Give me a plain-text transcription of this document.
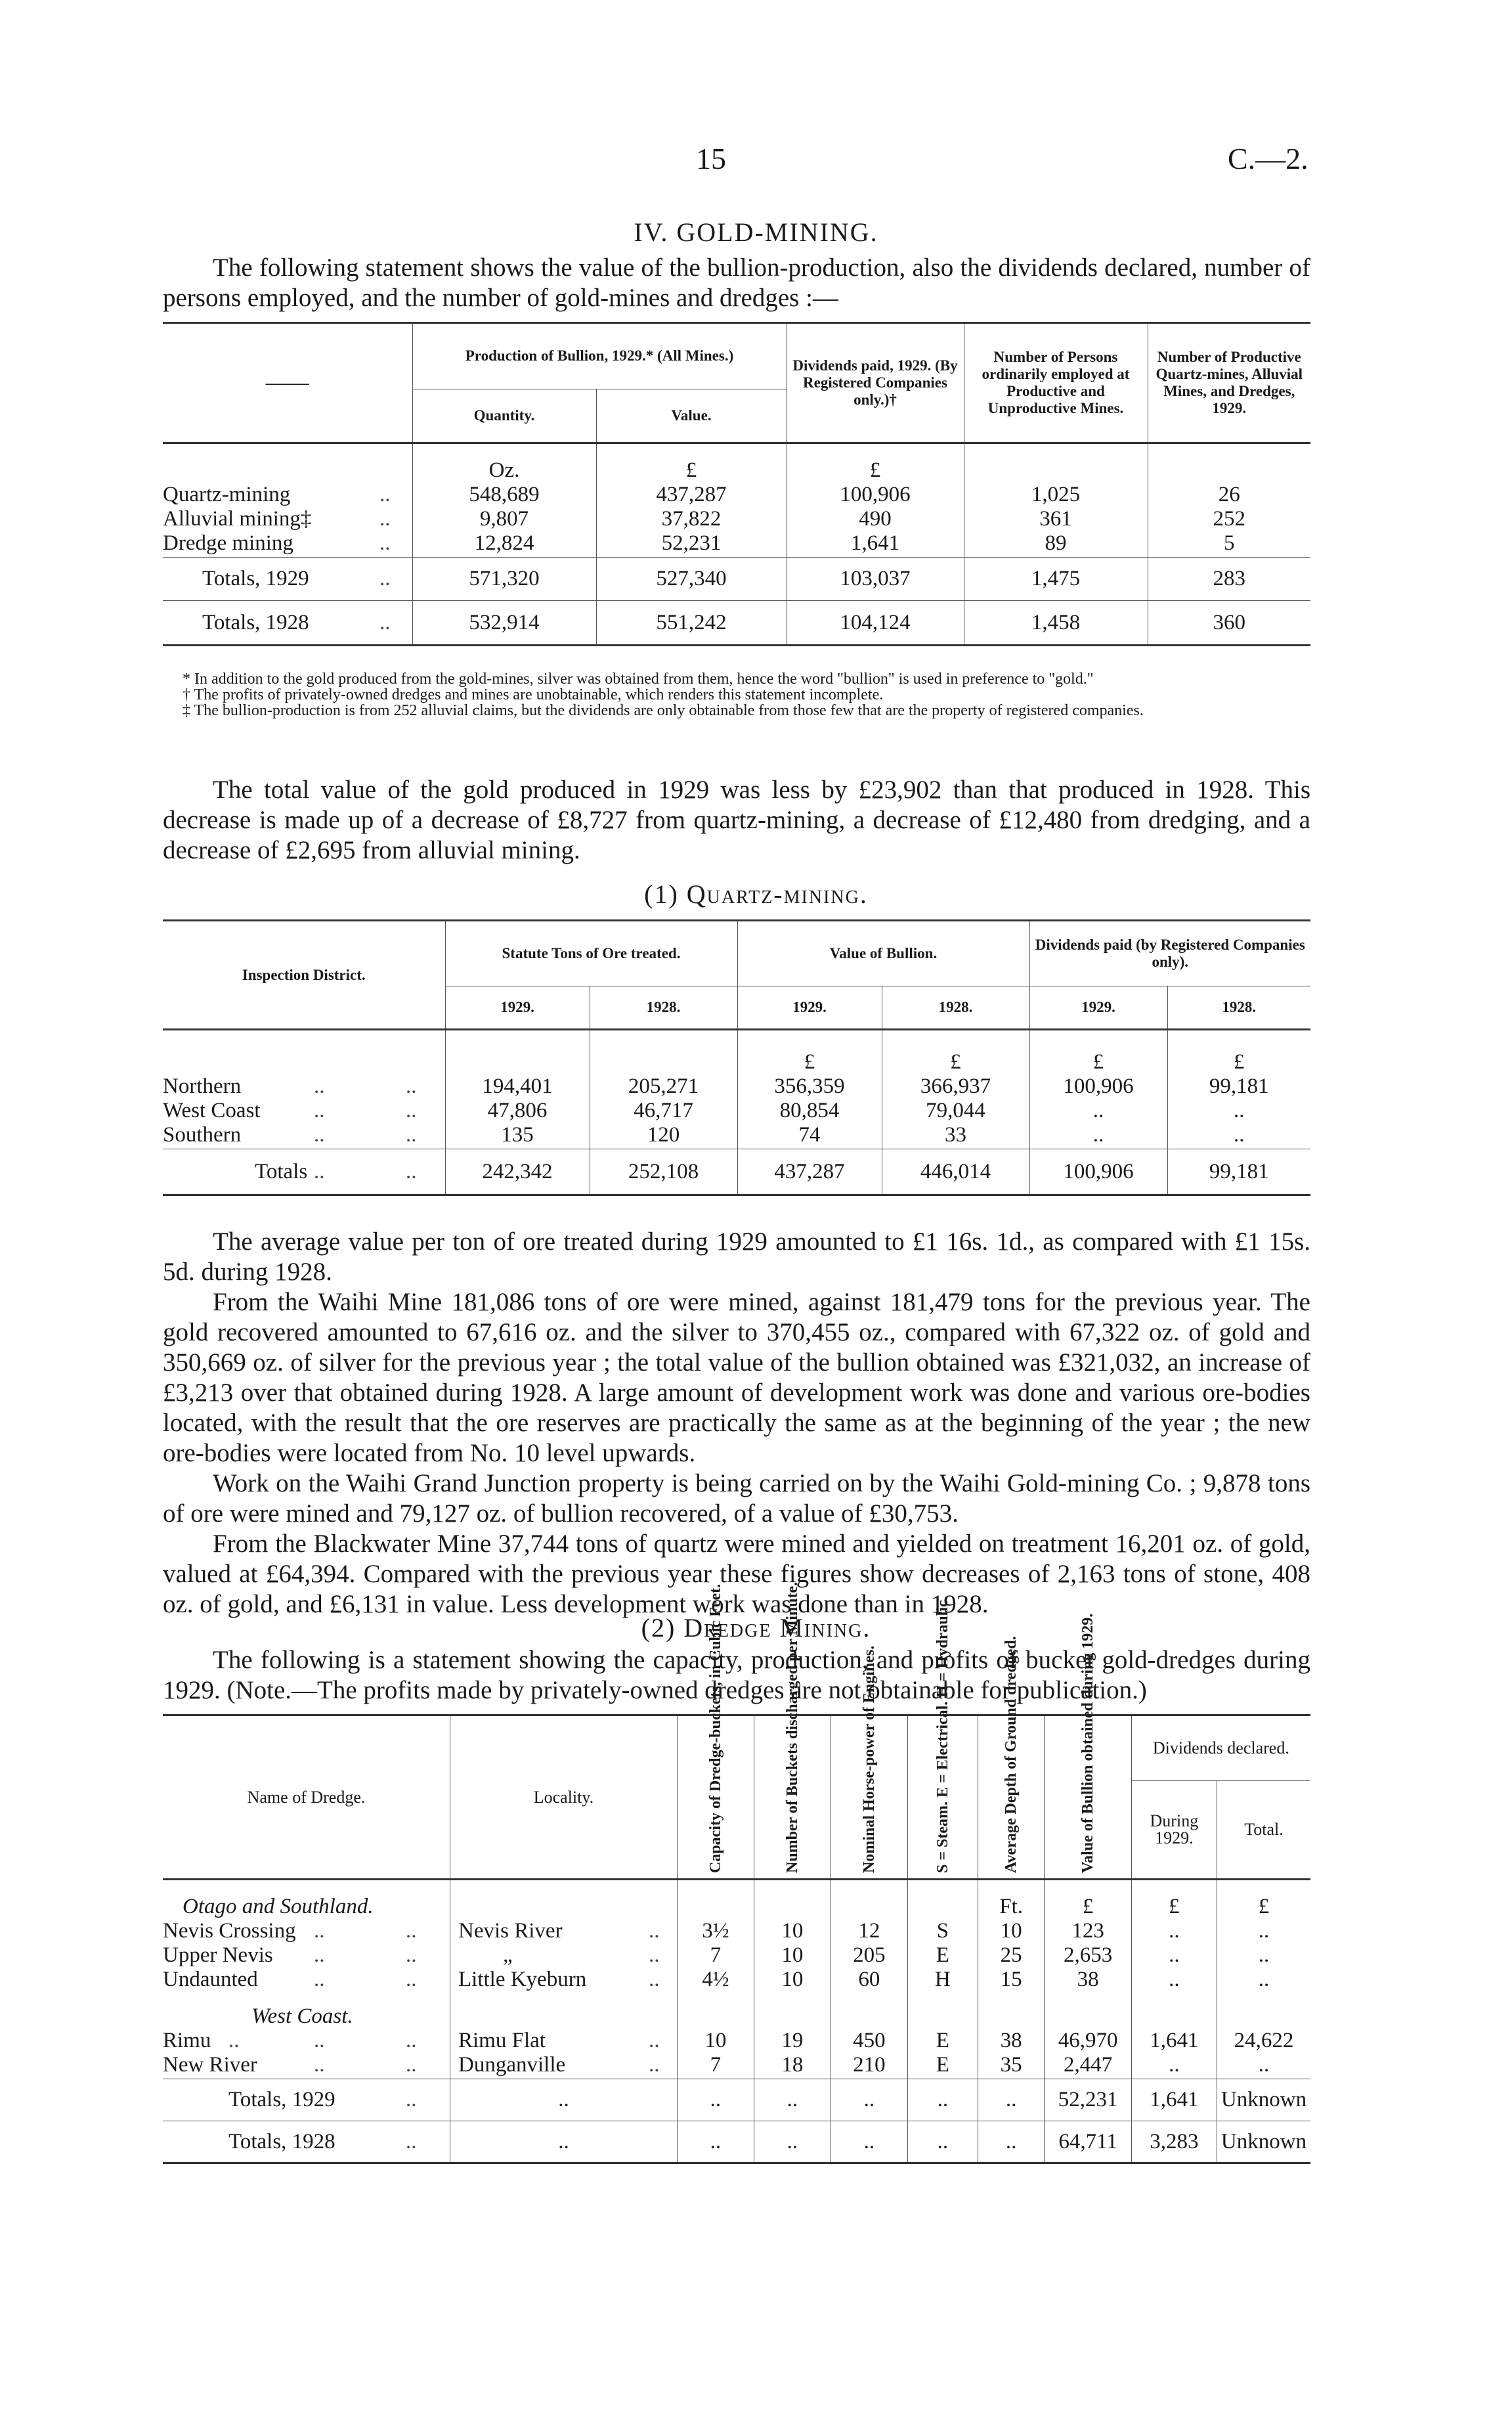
15	C.—2.
IV. GOLD-MINING.

The following statement shows the value of the bullion-production, also the dividends declared, number of persons employed, and the number of gold-mines and dredges :—

——	Production of Bullion, 1929.* (All Mines.)		Dividends paid, 1929. (By Registered Companies only.)†	Number of Persons ordinarily employed at Productive and Unproductive Mines.	Number of Productive Quartz-mines, Alluvial Mines, and Dredges, 1929.
	Quantity.	Value.			
	Oz.	£	£		
Quartz-mining ..	548,689	437,287	100,906	1,025	26
Alluvial mining‡ ..	9,807	37,822	490	361	252
Dredge mining ..	12,824	52,231	1,641	89	5
Totals, 1929 ..	571,320	527,340	103,037	1,475	283
Totals, 1928 ..	532,914	551,242	104,124	1,458	360

* In addition to the gold produced from the gold-mines, silver was obtained from them, hence the word "bullion" is used in preference to "gold."

† The profits of privately-owned dredges and mines are unobtainable, which renders this statement incomplete.

‡ The bullion-production is from 252 alluvial claims, but the dividends are only obtainable from those few that are the property of registered companies.

The total value of the gold produced in 1929 was less by £23,902 than that produced in 1928. This decrease is made up of a decrease of £8,727 from quartz-mining, a decrease of £12,480 from dredging, and a decrease of £2,695 from alluvial mining.

(1) Quartz-mining.
Inspection District.	Statute Tons of Ore treated.		Value of Bullion.		Dividends paid (by Registered Companies only).	
	1929.	1928.	1929.	1928.	1929.	1928.
			£	£	£	£
Northern .. ..	194,401	205,271	356,359	366,937	100,906	99,181
West Coast .. ..	47,806	46,717	80,854	79,044	..	..
Southern .. ..	135	120	74	33	..	..
Totals .. ..	242,342	252,108	437,287	446,014	100,906	99,181

The average value per ton of ore treated during 1929 amounted to £1 16s. 1d., as compared with £1 15s. 5d. during 1928.

From the Waihi Mine 181,086 tons of ore were mined, against 181,479 tons for the previous year. The gold recovered amounted to 67,616 oz. and the silver to 370,455 oz., compared with 67,322 oz. of gold and 350,669 oz. of silver for the previous year ; the total value of the bullion obtained was £321,032, an increase of £3,213 over that obtained during 1928. A large amount of development work was done and various ore-bodies located, with the result that the ore reserves are practically the same as at the beginning of the year ; the new ore-bodies were located from No. 10 level upwards.

Work on the Waihi Grand Junction property is being carried on by the Waihi Gold-mining Co. ; 9,878 tons of ore were mined and 79,127 oz. of bullion recovered, of a value of £30,753.

From the Blackwater Mine 37,744 tons of quartz were mined and yielded on treatment 16,201 oz. of gold, valued at £64,394. Compared with the previous year these figures show decreases of 2,163 tons of stone, 408 oz. of gold, and £6,131 in value. Less development work was done than in 1928.

(2) Dredge Mining.

The following is a statement showing the capacity, production, and profits of bucket gold-dredges during 1929. (Note.—The profits made by privately-owned dredges are not obtainable for publication.)

Name of Dredge.	Locality.	Capacity of Dredge-buckets, in Cubic Feet.	Number of Buckets discharged per Minute.	Nominal Horse-power of Engines.	S = Steam. E = Electrical. H = Hydraulic.	Average Depth of Ground dredged.	Value of Bullion obtained during 1929.	Dividends declared.	
								During 1929.	Total.
Otago and Southland.						Ft.	£	£	£
Nevis Crossing .. ..	Nevis River ..	3½	10	12	S	10	123	..	..
Upper Nevis .. ..	„ ..	7	10	205	E	25	2,653	..	..
Undaunted .. ..	Little Kyeburn ..	4½	10	60	H	15	38	..	..
West Coast.									
Rimu .. .. ..	Rimu Flat ..	10	19	450	E	38	46,970	1,641	24,622
New River .. ..	Dunganville ..	7	18	210	E	35	2,447	..	..
Totals, 1929 ..	..	..	..	..	..	..	52,231	1,641	Unknown
Totals, 1928 ..	..	..	..	..	..	..	64,711	3,283	Unknown
